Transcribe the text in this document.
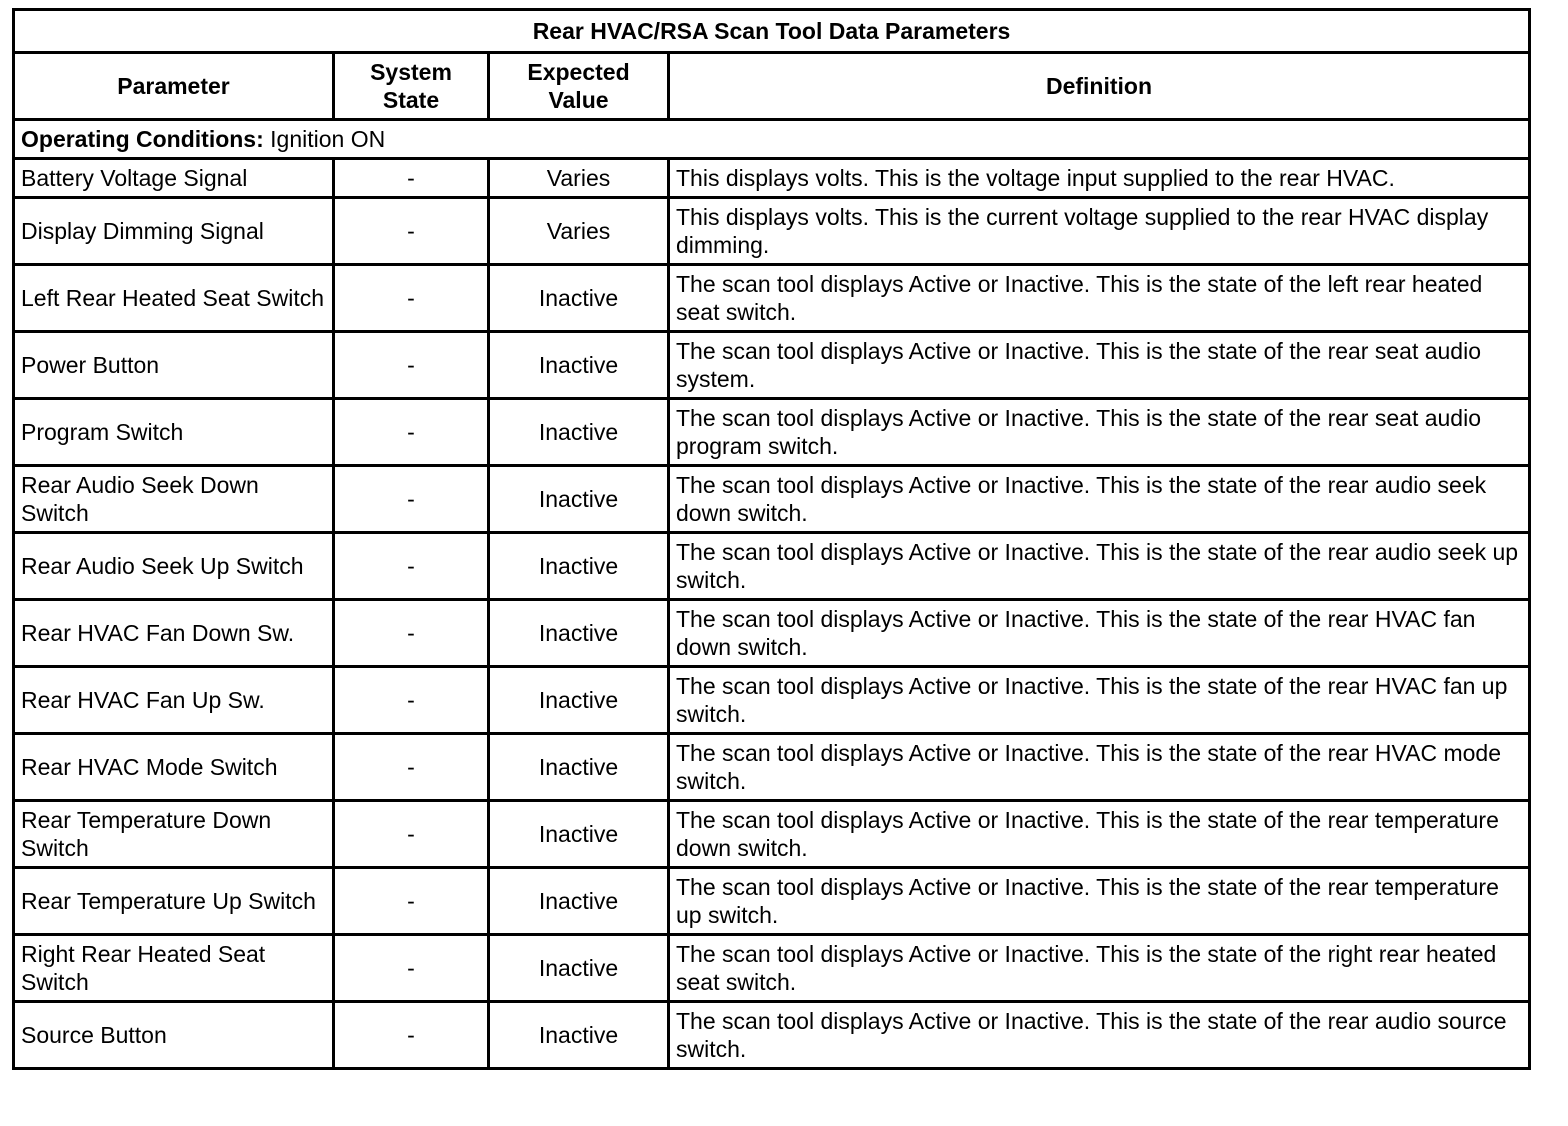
Rear HVAC/RSA Scan Tool Data Parameters			
Parameter	System State	Expected Value	Definition
Operating Conditions: Ignition ON			
Battery Voltage Signal	-	Varies	This displays volts. This is the voltage input supplied to the rear HVAC.
Display Dimming Signal	-	Varies	This displays volts. This is the current voltage supplied to the rear HVAC display dimming.
Left Rear Heated Seat Switch	-	Inactive	The scan tool displays Active or Inactive. This is the state of the left rear heated seat switch.
Power Button	-	Inactive	The scan tool displays Active or Inactive. This is the state of the rear seat audio system.
Program Switch	-	Inactive	The scan tool displays Active or Inactive. This is the state of the rear seat audio program switch.
Rear Audio Seek Down Switch	-	Inactive	The scan tool displays Active or Inactive. This is the state of the rear audio seek down switch.
Rear Audio Seek Up Switch	-	Inactive	The scan tool displays Active or Inactive. This is the state of the rear audio seek up switch.
Rear HVAC Fan Down Sw.	-	Inactive	The scan tool displays Active or Inactive. This is the state of the rear HVAC fan down switch.
Rear HVAC Fan Up Sw.	-	Inactive	The scan tool displays Active or Inactive. This is the state of the rear HVAC fan up switch.
Rear HVAC Mode Switch	-	Inactive	The scan tool displays Active or Inactive. This is the state of the rear HVAC mode switch.
Rear Temperature Down Switch	-	Inactive	The scan tool displays Active or Inactive. This is the state of the rear temperature down switch.
Rear Temperature Up Switch	-	Inactive	The scan tool displays Active or Inactive. This is the state of the rear temperature up switch.
Right Rear Heated Seat Switch	-	Inactive	The scan tool displays Active or Inactive. This is the state of the right rear heated seat switch.
Source Button	-	Inactive	The scan tool displays Active or Inactive. This is the state of the rear audio source switch.
